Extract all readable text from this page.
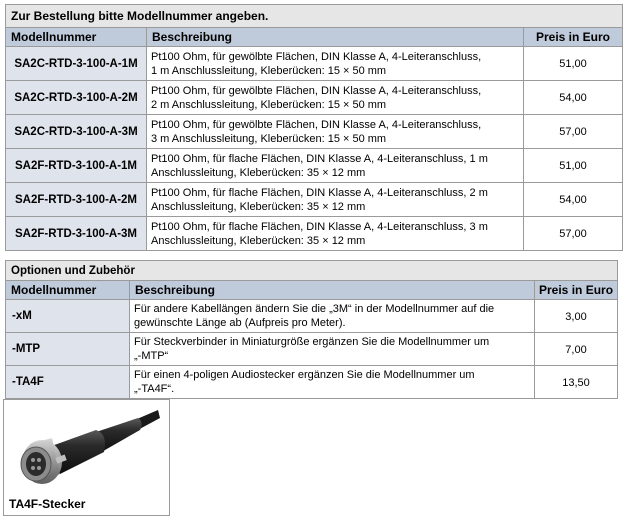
Zur Bestellung bitte Modellnummer angeben.		
Modellnummer	Beschreibung	Preis in Euro
SA2C-RTD-3-100-A-1M	Pt100 Ohm, für gewölbte Flächen, DIN Klasse A, 4-Leiteranschluss,
1 m Anschlussleitung, Kleberücken: 15 × 50 mm	51,00
SA2C-RTD-3-100-A-2M	Pt100 Ohm, für gewölbte Flächen, DIN Klasse A, 4-Leiteranschluss,
2 m Anschlussleitung, Kleberücken: 15 × 50 mm	54,00
SA2C-RTD-3-100-A-3M	Pt100 Ohm, für gewölbte Flächen, DIN Klasse A, 4-Leiteranschluss,
3 m Anschlussleitung, Kleberücken: 15 × 50 mm	57,00
SA2F-RTD-3-100-A-1M	Pt100 Ohm, für flache Flächen, DIN Klasse A, 4-Leiteranschluss, 1 m
Anschlussleitung, Kleberücken: 35 × 12 mm	51,00
SA2F-RTD-3-100-A-2M	Pt100 Ohm, für flache Flächen, DIN Klasse A, 4-Leiteranschluss, 2 m
Anschlussleitung, Kleberücken: 35 × 12 mm	54,00
SA2F-RTD-3-100-A-3M	Pt100 Ohm, für flache Flächen, DIN Klasse A, 4-Leiteranschluss, 3 m
Anschlussleitung, Kleberücken: 35 × 12 mm	57,00
Optionen und Zubehör		
Modellnummer	Beschreibung	Preis in Euro
-xM	Für andere Kabellängen ändern Sie die „3M“ in der Modellnummer auf die
gewünschte Länge ab (Aufpreis pro Meter).	3,00
-MTP	Für Steckverbinder in Miniaturgröße ergänzen Sie die Modellnummer um
„-MTP“	7,00
-TA4F	Für einen 4-poligen Audiostecker ergänzen Sie die Modellnummer um
„-TA4F“.	13,50
TA4F-Stecker
